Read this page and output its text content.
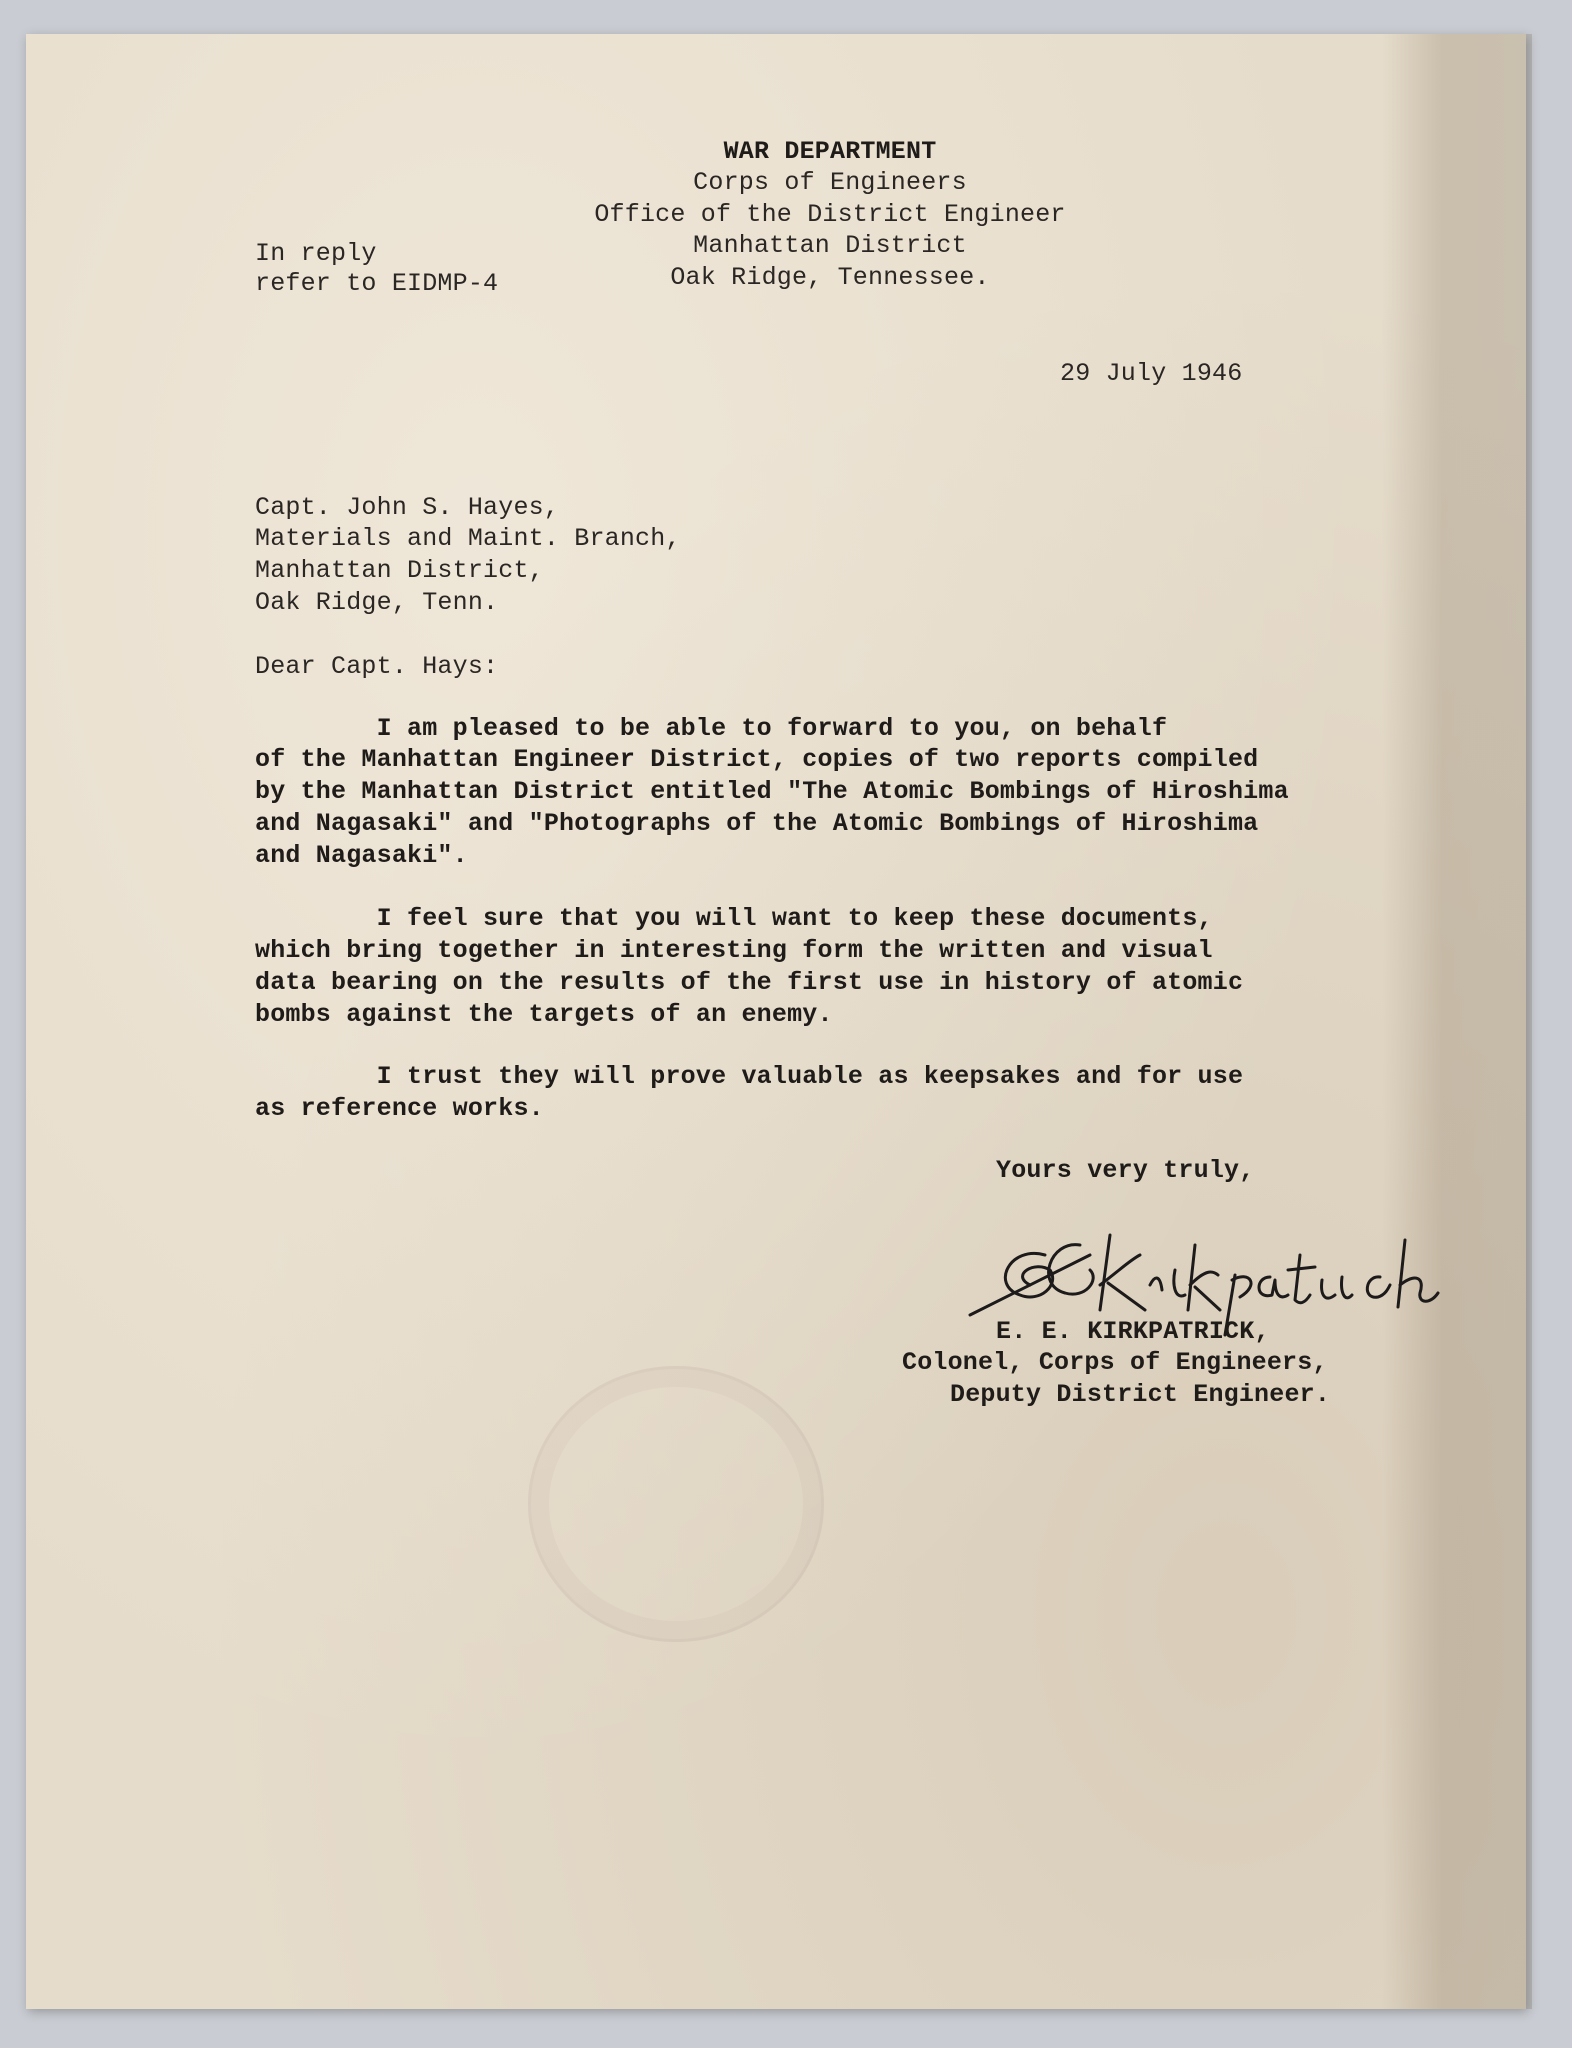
WAR DEPARTMENT
Corps of Engineers
Office of the District Engineer
Manhattan District
Oak Ridge, Tennessee.
In reply
refer to EIDMP-4
29 July 1946
Capt. John S. Hayes,
Materials and Maint. Branch,
Manhattan District,
Oak Ridge, Tenn.
Dear Capt. Hays:
I am pleased to be able to forward to you, on behalf
of the Manhattan Engineer District, copies of two reports compiled
by the Manhattan District entitled "The Atomic Bombings of Hiroshima
and Nagasaki" and "Photographs of the Atomic Bombings of Hiroshima
and Nagasaki".
I feel sure that you will want to keep these documents,
which bring together in interesting form the written and visual
data bearing on the results of the first use in history of atomic
bombs against the targets of an enemy.
I trust they will prove valuable as keepsakes and for use
as reference works.
Yours very truly,
E. E. KIRKPATRICK,
Colonel, Corps of Engineers,
Deputy District Engineer.
